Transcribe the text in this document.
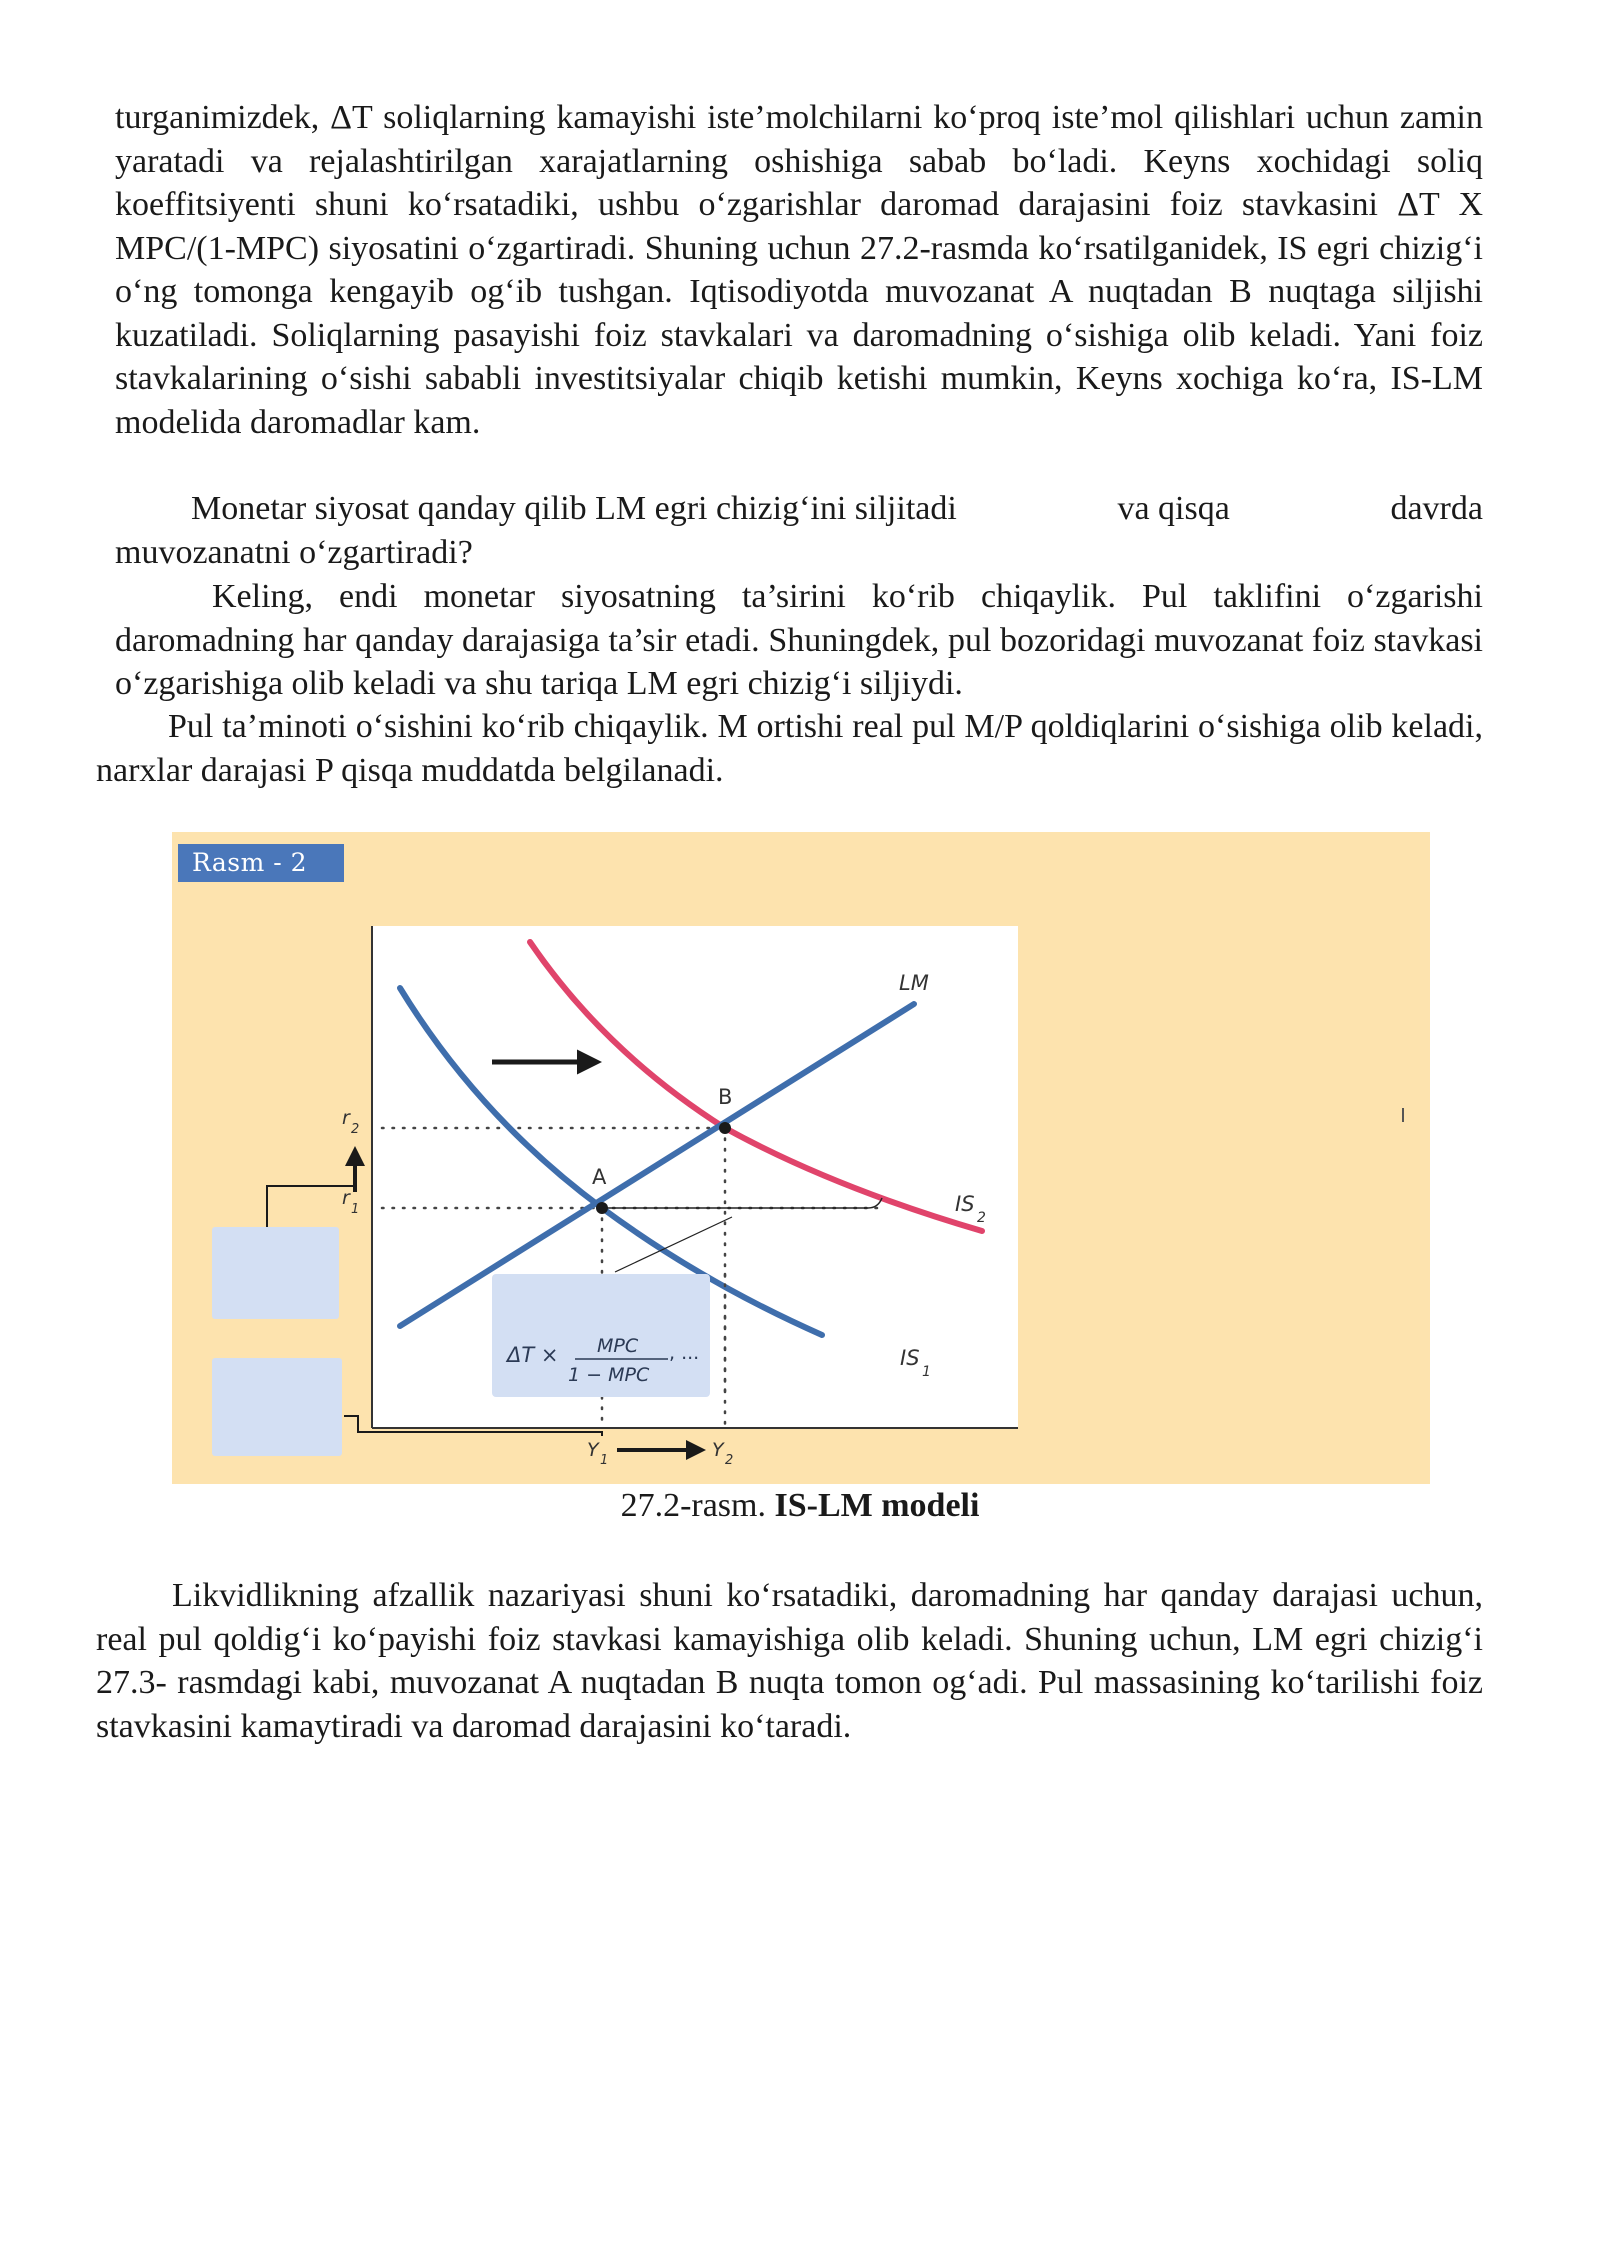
turganimizdek, ΔT soliqlarning kamayishi iste’molchilarni ko‘proq iste’mol qilishlari uchun zamin yaratadi va rejalashtirilgan xarajatlarning oshishiga sabab bo‘ladi. Keyns xochidagi soliq koeffitsiyenti shuni ko‘rsatadiki, ushbu o‘zgarishlar daromad darajasini foiz stavkasini ΔT X MPC/(1-MPC) siyosatini o‘zgartiradi. Shuning uchun 27.2-rasmda ko‘rsatilganidek, IS egri chizig‘i o‘ng tomonga kengayib og‘ib tushgan. Iqtisodiyotda muvozanat A nuqtadan B nuqtaga siljishi kuzatiladi. Soliqlarning pasayishi foiz stavkalari va daromadning o‘sishiga olib keladi. Yani foiz stavkalarining o‘sishi sababli investitsiyalar chiqib ketishi mumkin, Keyns xochiga ko‘ra, IS-LM modelida daromadlar kam.

Monetar siyosat qanday qilib LM egri chizig‘ini siljitadi	va qisqa	davrda
muvozanatni o‘zgartiradi?

Keling, endi monetar siyosatning ta’sirini ko‘rib chiqaylik. Pul taklifini o‘zgarishi daromadning har qanday darajasiga ta’sir etadi. Shuningdek, pul bozoridagi muvozanat foiz stavkasi o‘zgarishiga olib keladi va shu tariqa LM egri chizig‘i siljiydi.

Pul ta’minoti o‘sishini ko‘rib chiqaylik. M ortishi real pul M/P qoldiqlarini o‘sishiga olib keladi, narxlar darajasi P qisqa muddatda belgilanadi.

Rasm - 2
ΔT × MPC
1 − MPC
, ...
A
B
LM
IS
2
IS
1
r
2
r
1
Y 1	Y 2
27.2-rasm. IS-LM modeli

Likvidlikning afzallik nazariyasi shuni ko‘rsatadiki, daromadning har qanday darajasi uchun, real pul qoldig‘i ko‘payishi foiz stavkasi kamayishiga olib keladi. Shuning uchun, LM egri chizig‘i 27.3- rasmdagi kabi, muvozanat A nuqtadan B nuqta tomon og‘adi. Pul massasining ko‘tarilishi foiz stavkasini kamaytiradi va daromad darajasini ko‘taradi.
